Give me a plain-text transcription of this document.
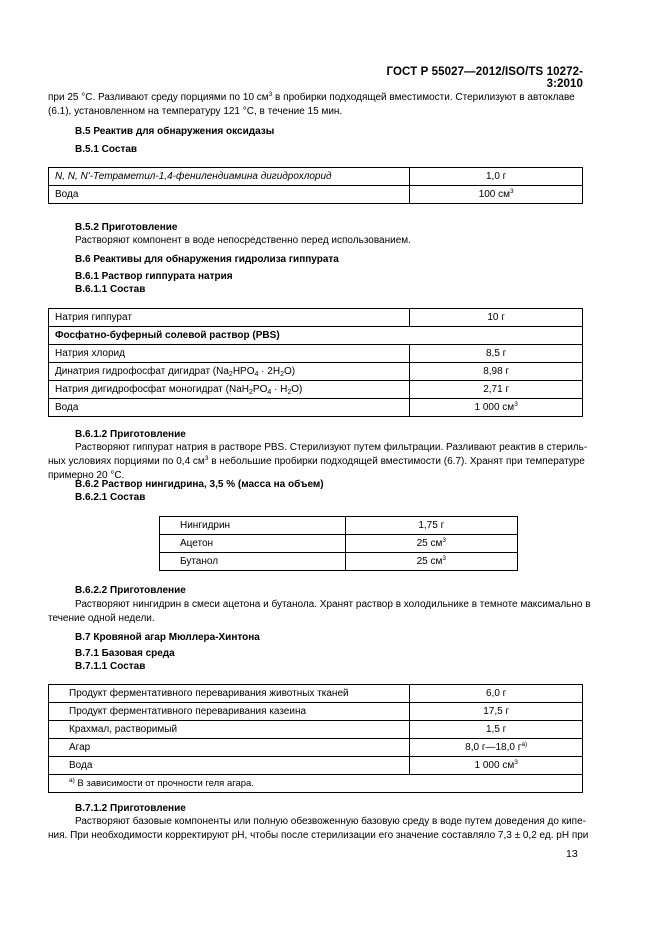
ГОСТ Р 55027—2012/ISO/TS 10272-3:2010
при 25 °С. Разливают среду порциями по 10 $см^3$ в пробирки подходящей вместимости. Стерилизуют в автоклаве
(6.1), установленном на температуру 121 °С, в течение 15 мин.
В.5 Реактив для обнаружения оксидазы
В.5.1 Состав
N, N, N'-Тетраметил-1,4-фенилендиамина дигидрохлорид	1,0 г
Вода	100 $см^3$
В.5.2 Приготовление
Растворяют компонент в воде непосредственно перед использованием.
В.6 Реактивы для обнаружения гидролиза гиппурата
В.6.1 Раствор гиппурата натрия
В.6.1.1 Состав
Натрия гиппурат	10 г
Фосфатно-буферный солевой раствор (PBS)	
Натрия хлорид	8,5 г
Динатрия гидрофосфат дигидрат $(Na_2HPO_4 \cdot 2H_2O)$	8,98 г
Натрия дигидрофосфат моногидрат $(NaH_2PO_4 \cdot H_2O)$	2,71 г
Вода	1 000 $см^3$
В.6.1.2 Приготовление
Растворяют гиппурат натрия в растворе PBS. Стерилизуют путем фильтрации. Разливают реактив в стериль-
ных условиях порциями по 0,4 $см^3$ в небольшие пробирки подходящей вместимости (6.7). Хранят при температуре
примерно 20 °С.
В.6.2 Раствор нингидрина, 3,5 % (масса на объем)
В.6.2.1 Состав
Нингидрин	1,75 г
Ацетон	25 $см^3$
Бутанол	25 $см^3$
В.6.2.2 Приготовление
Растворяют нингидрин в смеси ацетона и бутанола. Хранят раствор в холодильнике в темноте максимально в
течение одной недели.
В.7 Кровяной агар Мюллера-Хинтона
В.7.1 Базовая среда
В.7.1.1 Состав
Продукт ферментативного переваривания животных тканей	6,0 г
Продукт ферментативного переваривания казеина	17,5 г
Крахмал, растворимый	1,5 г
Агар	8,0 г—18,0 $г^{а)}$
Вода	1 000 $см^3$
$^{а)}$ В зависимости от прочности геля агара.	
В.7.1.2 Приготовление
Растворяют базовые компоненты или полную обезвоженную базовую среду в воде путем доведения до кипе-
ния. При необходимости корректируют pH, чтобы после стерилизации его значение составляло 7,3 ± 0,2 ед. pH при
13
